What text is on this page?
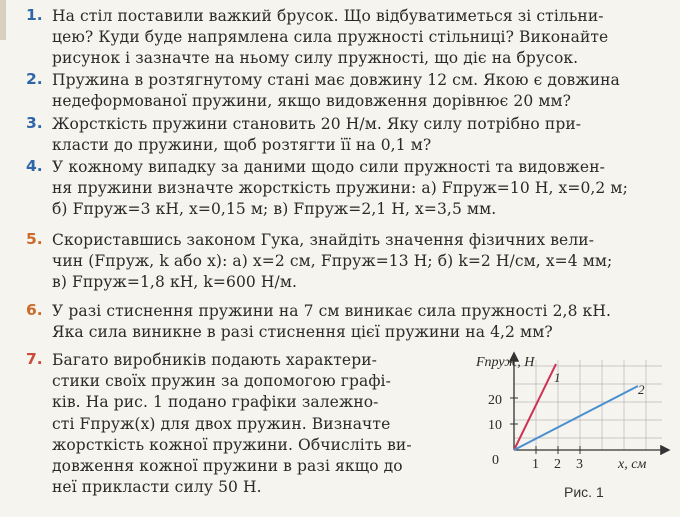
1. На стіл поставили важкий брусок. Що відбуватиметься зі стільни-
цею? Куди буде напрямлена сила пружності стільниці? Виконайте
рисунок і зазначте на ньому силу пружності, що діє на брусок.
2. Пружина в розтягнутому стані має довжину 12 см. Якою є довжина
недеформованої пружини, якщо видовження дорівнює 20 мм?
3. Жорсткість пружини становить 20 Н/м. Яку силу потрібно при-
класти до пружини, щоб розтягти її на 0,1 м?
4. У кожному випадку за даними щодо сили пружності та видовжен-
ня пружини визначте жорсткість пружини: а) Fпруж=10 Н, x=0,2 м;
б) Fпруж=3 кН, x=0,15 м; в) Fпруж=2,1 Н, x=3,5 мм.
5. Скориставшись законом Гука, знайдіть значення фізичних вели-
чин (Fпруж, k або x): а) x=2 см, Fпруж=13 Н; б) k=2 Н/см, x=4 мм;
в) Fпруж=1,8 кН, k=600 Н/м.
6. У разі стиснення пружини на 7 см виникає сила пружності 2,8 кН.
Яка сила виникне в разі стиснення цієї пружини на 4,2 мм?
7. Багато виробників подають характери-
стики своїх пружин за допомогою графі-
ків. На рис. 1 подано графіки залежно-
сті Fпруж(x) для двох пружин. Визначте
жорсткість кожної пружини. Обчисліть ви-
довження кожної пружини в разі якщо до
неї прикласти силу 50 Н.
Fпруж, Н
20
10
0 1 2 3	x, см
1
2
Рис. 1
